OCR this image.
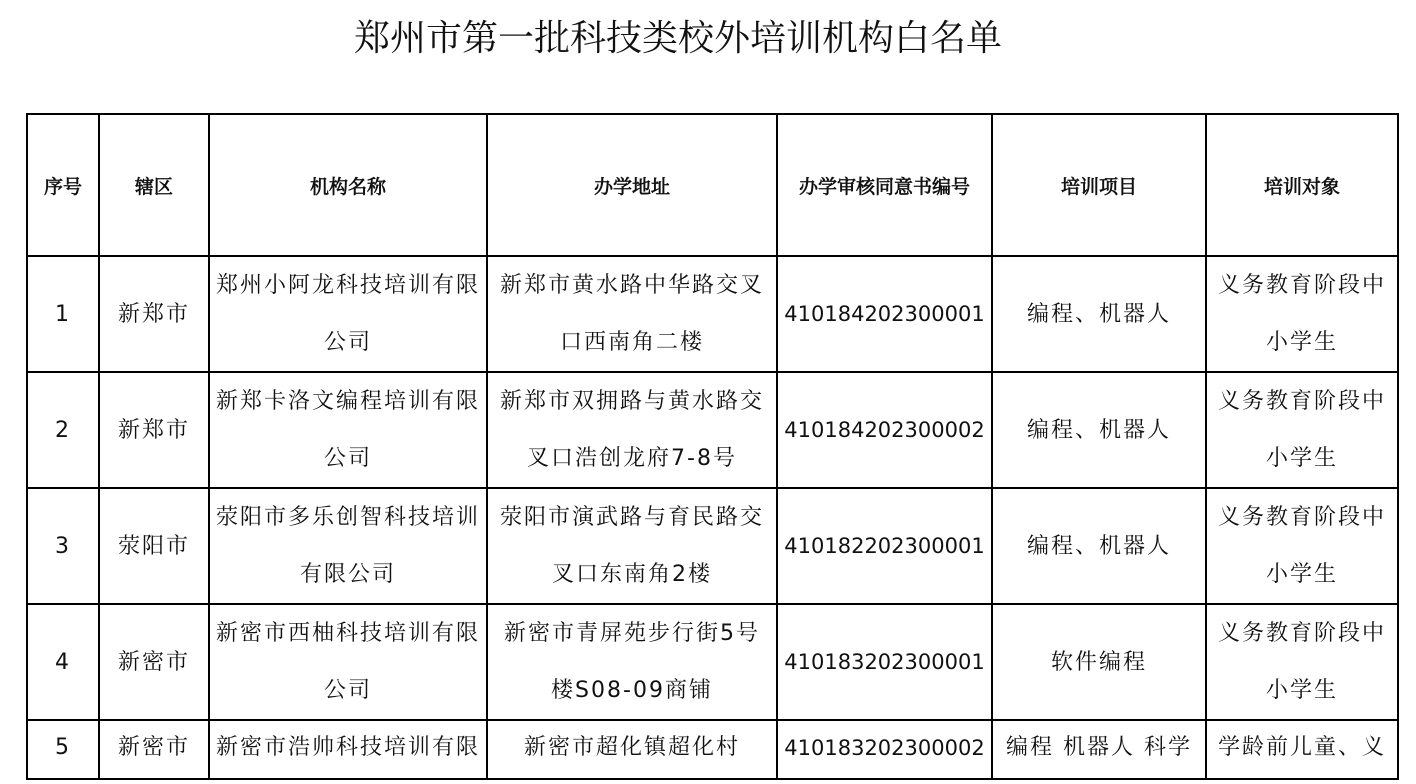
郑州市第一批科技类校外培训机构白名单
序号	辖区	机构名称	办学地址	办学审核同意书编号	培训项目	培训对象
1	新郑市	郑州小阿龙科技培训有限公司	新郑市黄水路中华路交叉口西南角二楼	410184202300001	编程、机器人	义务教育阶段中小学生
2	新郑市	新郑卡洛文编程培训有限公司	新郑市双拥路与黄水路交叉口浩创龙府7-8号	410184202300002	编程、机器人	义务教育阶段中小学生
3	荥阳市	荥阳市多乐创智科技培训有限公司	荥阳市演武路与育民路交叉口东南角2楼	410182202300001	编程、机器人	义务教育阶段中小学生
4	新密市	新密市西柚科技培训有限公司	新密市青屏苑步行街5号楼S08-09商铺	410183202300001	软件编程	义务教育阶段中小学生
5	新密市	新密市浩帅科技培训有限	新密市超化镇超化村	410183202300002	编程 机器人 科学	学龄前儿童、义
